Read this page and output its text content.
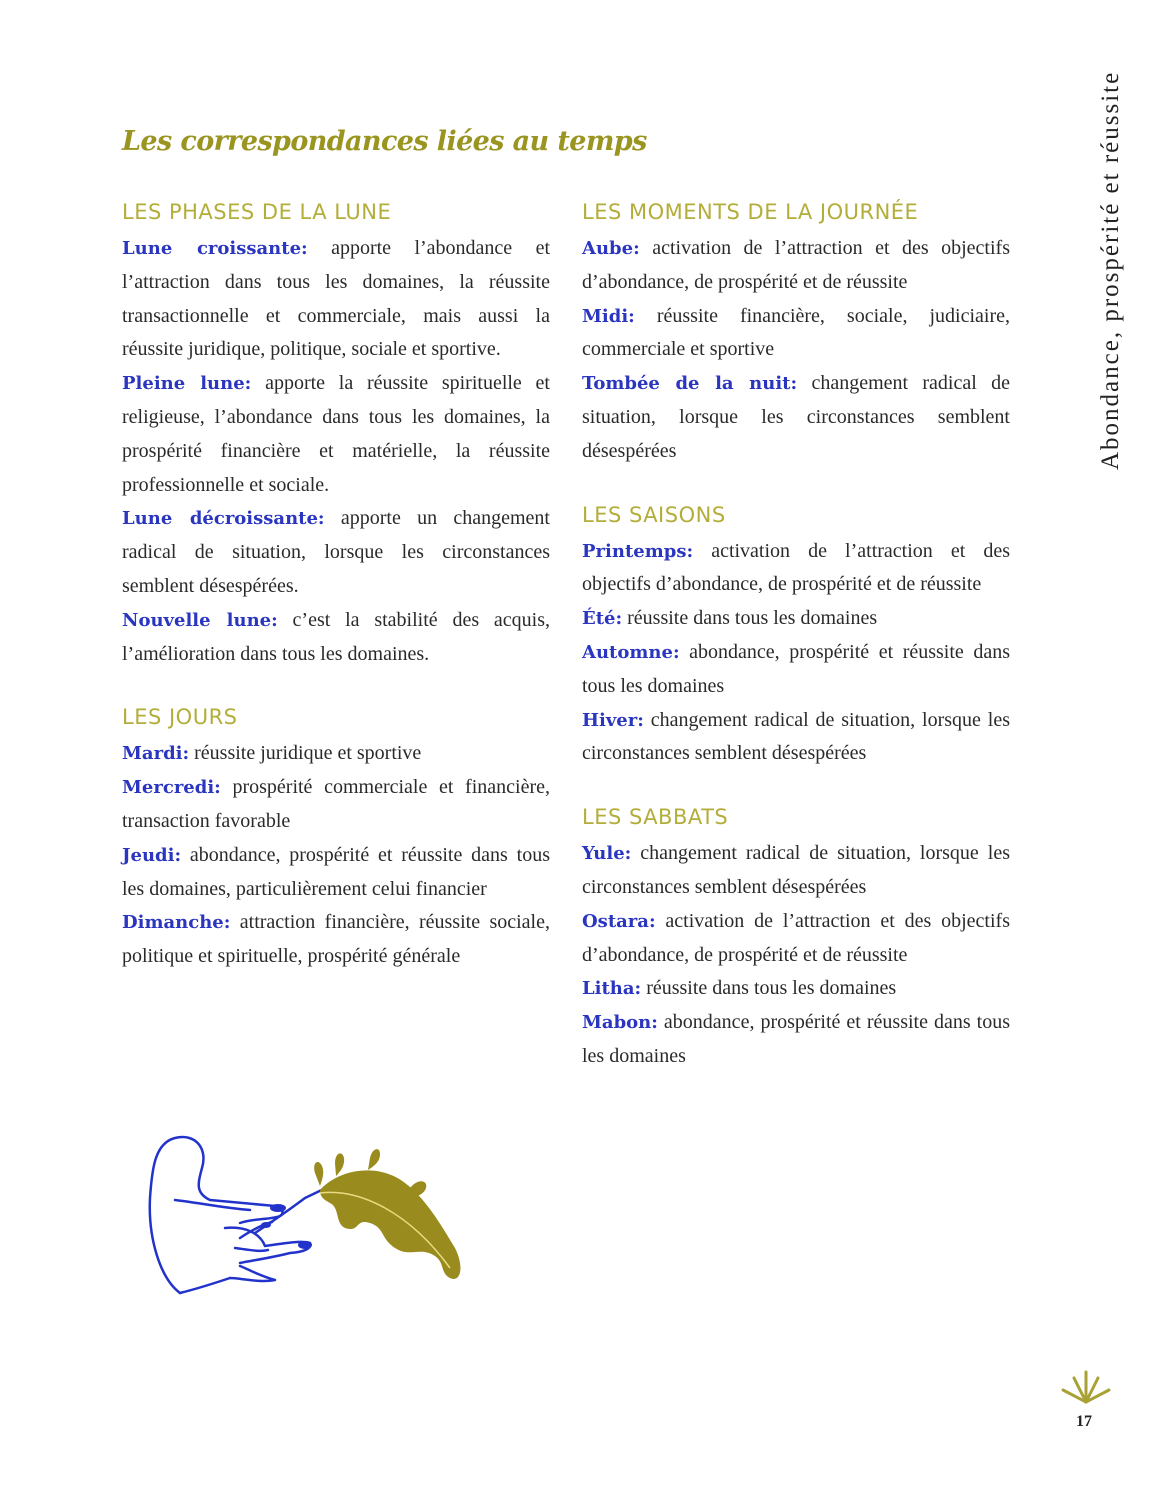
Les correspondances liées au temps
LES PHASES DE LA LUNE

Lune croissante: apporte l’abondance et l’attraction dans tous les domaines, la réussite transactionnelle et commerciale, mais aussi la réussite juridique, politique, sociale et sportive.

Pleine lune: apporte la réussite spirituelle et religieuse, l’abondance dans tous les domaines, la prospérité financière et matérielle, la réussite professionnelle et sociale.

Lune décroissante: apporte un changement radical de situation, lorsque les circonstances semblent désespérées.

Nouvelle lune: c’est la stabilité des acquis, l’amélioration dans tous les domaines.

LES JOURS

Mardi: réussite juridique et sportive

Mercredi: prospérité commerciale et financière, transaction favorable

Jeudi: abondance, prospérité et réussite dans tous les domaines, particulièrement celui financier

Dimanche: attraction financière, réussite sociale, politique et spirituelle, prospérité générale

LES MOMENTS DE LA JOURNÉE

Aube: activation de l’attraction et des objectifs d’abondance, de prospérité et de réussite

Midi: réussite financière, sociale, judiciaire, commerciale et sportive

Tombée de la nuit: changement radical de situation, lorsque les circonstances semblent désespérées

LES SAISONS

Printemps: activation de l’attraction et des objectifs d’abondance, de prospérité et de réussite

Été: réussite dans tous les domaines

Automne: abondance, prospérité et réussite dans tous les domaines

Hiver: changement radical de situation, lorsque les circonstances semblent désespérées

LES SABBATS

Yule: changement radical de situation, lorsque les circonstances semblent désespérées

Ostara: activation de l’attraction et des objectifs d’abondance, de prospérité et de réussite

Litha: réussite dans tous les domaines

Mabon: abondance, prospérité et réussite dans tous les domaines

Abondance, prospérité et réussite
17
